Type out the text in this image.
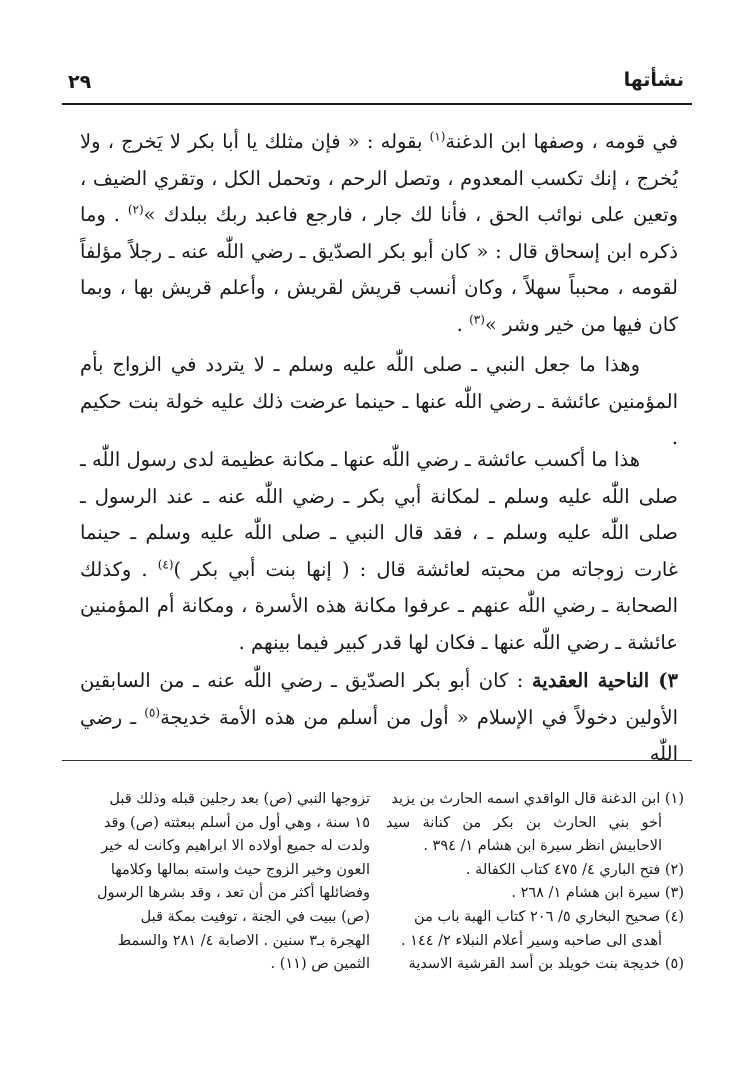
٢٩	نشأتها

في قومه ، وصفها ابن الدغنة$^{(١)}$ بقوله : « فإن مثلك يا أبا بكر لا يَخرج ، ولا يُخرج ، إنك تكسب المعدوم ، وتصل الرحم ، وتحمل الكل ، وتقري الضيف ، وتعين على نوائب الحق ، فأنا لك جار ، فارجع فاعبد ربك ببلدك »$^{(٢)}$ . وما ذكره ابن إسحاق قال : « كان أبو بكر الصدّيق ـ رضي اللّٰه عنه ـ رجلاً مؤلفاً لقومه ، محبباً سهلاً ، وكان أنسب قريش لقريش ، وأعلم قريش بها ، وبما كان فيها من خير وشر »$^{(٣)}$ .

وهذا ما جعل النبي ـ صلى اللّٰه عليه وسلم ـ لا يتردد في الزواج بأم المؤمنين عائشة ـ رضي اللّٰه عنها ـ حينما عرضت ذلك عليه خولة بنت حكيم .

هذا ما أكسب عائشة ـ رضي اللّٰه عنها ـ مكانة عظيمة لدى رسول اللّٰه ـ صلى اللّٰه عليه وسلم ـ لمكانة أبي بكر ـ رضي اللّٰه عنه ـ عند الرسول ـ صلى اللّٰه عليه وسلم ـ ، فقد قال النبي ـ صلى اللّٰه عليه وسلم ـ حينما غارت زوجاته من محبته لعائشة قال : ( إنها بنت أبي بكر )$^{(٤)}$ . وكذلك الصحابة ـ رضي اللّٰه عنهم ـ عرفوا مكانة هذه الأسرة ، ومكانة أم المؤمنين عائشة ـ رضي اللّٰه عنها ـ فكان لها قدر كبير فيما بينهم .

٣) الناحية العقدية : كان أبو بكر الصدّيق ـ رضي اللّٰه عنه ـ من السابقين الأولين دخولاً في الإسلام « أول من أسلم من هذه الأمة خديجة$^{(٥)}$ ـ رضي اللّٰه

(١) ابن الدغنة قال الواقدي اسمه الحارث بن يزيد
أخو بني الحارث بن بكر من كنانة سيد
الاحابيش انظر سيرة ابن هشام ١/ ٣٩٤ .
(٢) فتح الباري ٤/ ٤٧٥ كتاب الكفالة .
(٣) سيرة ابن هشام ١/ ٢٦٨ .
(٤) صحيح البخاري ٥/ ٢٠٦ كتاب الهبة باب من
أهدى الى صاحبه وسير أعلام النبلاء ٢/ ١٤٤ .
(٥) خديجة بنت خويلد بن أسد القرشية الاسدية
تزوجها النبي (ص) بعد رجلين قبله وذلك قبل
١٥ سنة ، وهي أول من أسلم ببعثته (ص) وقد
ولدت له جميع أولاده الا ابراهيم وكانت له خير
العون وخير الزوج حيث واسته بمالها وكلامها
وفضائلها أكثر من أن تعد ، وقد بشرها الرسول
(ص) ببيت في الجنة ، توفيت بمكة قبل
الهجرة بـ٣ سنين . الاصابة ٤/ ٢٨١ والسمط
الثمين ص (١١) .
